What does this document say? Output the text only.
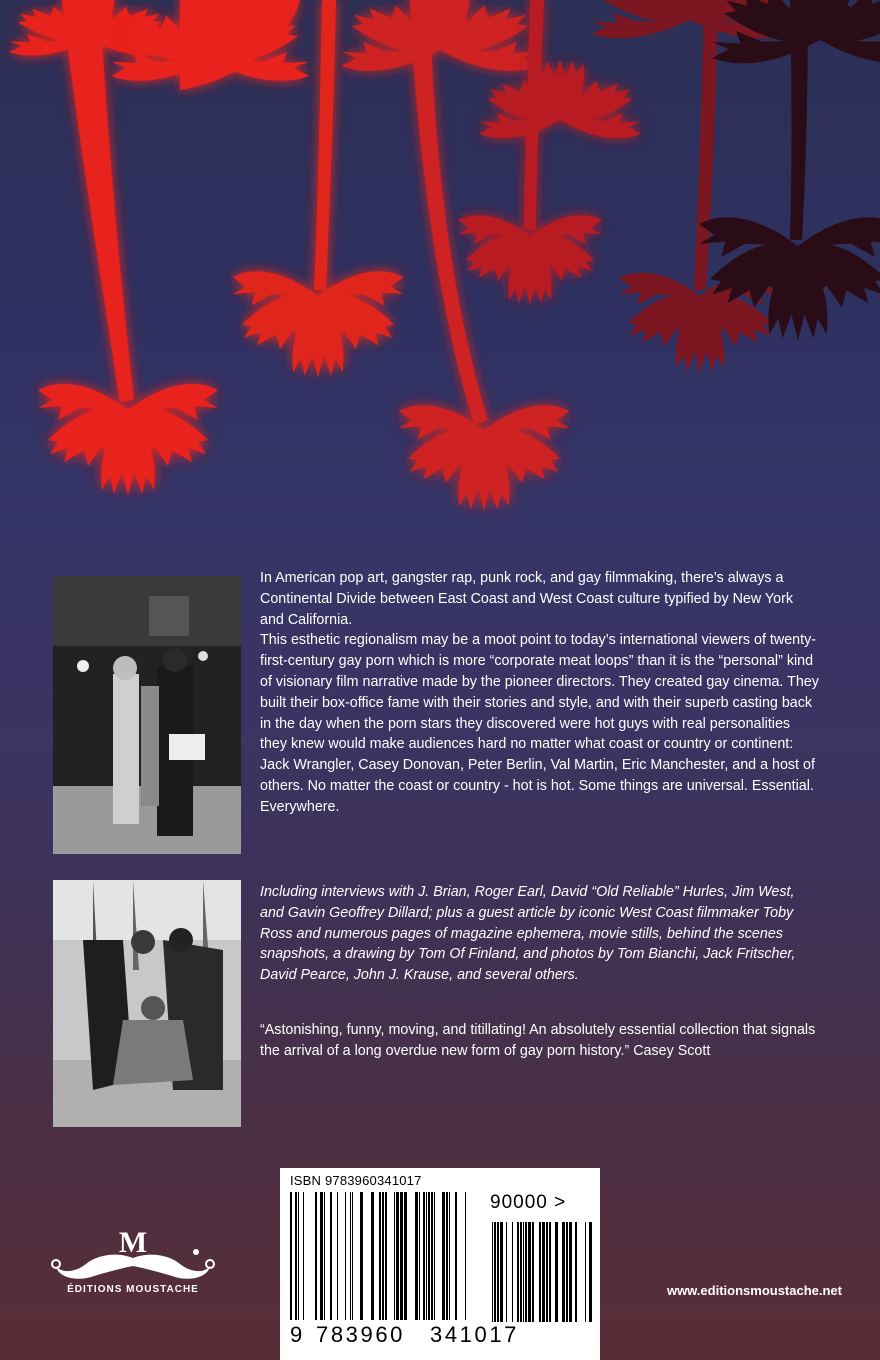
In American pop art, gangster rap, punk rock, and gay filmmaking, there’s always a Continental Divide between East Coast and West Coast culture typified by New York and California.

This esthetic regionalism may be a moot point to today’s international viewers of twenty-first-century gay porn which is more “corporate meat loops” than it is the “personal” kind of visionary film narrative made by the pioneer directors. They created gay cinema. They built their box-office fame with their stories and style, and with their superb casting back in the day when the porn stars they discovered were hot guys with real personalities they knew would make audiences hard no matter what coast or country or continent: Jack Wrangler, Casey Donovan, Peter Berlin, Val Martin, Eric Manchester, and a host of others. No matter the coast or country - hot is hot. Some things are universal. Essential. Everywhere.

Including interviews with J. Brian, Roger Earl, David “Old Reliable” Hurles, Jim West, and Gavin Geoffrey Dillard; plus a guest article by iconic West Coast filmmaker Toby Ross and numerous pages of magazine ephemera, movie stills, behind the scenes snapshots, a drawing by Tom Of Finland, and photos by Tom Bianchi, Jack Fritscher, David Pearce, John J. Krause, and several others.

“Astonishing, funny, moving, and titillating! An absolutely essential collection that signals the arrival of a long overdue new form of gay porn history.” Casey Scott

ISBN 9783960341017
90000 >
9 783960 341017
M
ÉDITIONS MOUSTACHE	www.editionsmoustache.net
